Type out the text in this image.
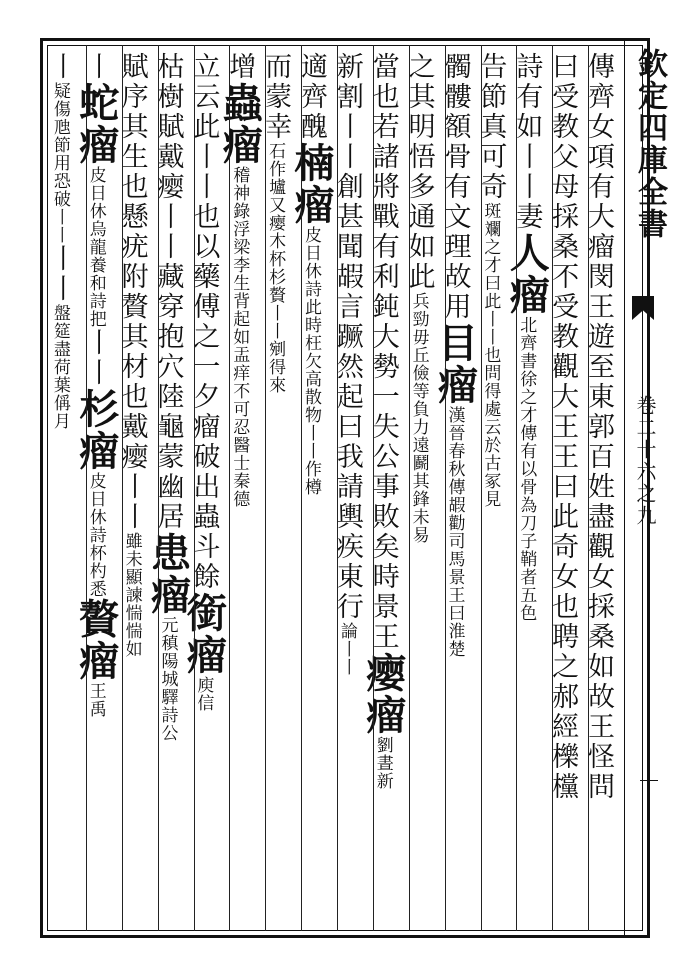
欽定四庫全書
卷二十六之九
傳齊女項有大瘤閔王遊至東郭百姓盡觀女採桑如故王怪問
曰受教父母採桑不受教觀大王王曰此奇女也聘之郝經櫟欓
詩有如丨丨妻人瘤北齊書徐之才傳有以骨為刀子鞘者五色
告節真可奇斑斕之才曰此丨丨也問得處云於古冢見
髑髏額骨有文理故用目瘤漢晉春秋傳嘏勸司馬景王曰淮楚
之其明悟多通如此兵勁毋丘儉等負力遠鬬其鋒未易
當也若諸將戰有利鈍大勢一失公事敗矣時景王瘿瘤劉晝新
新割丨丨創甚聞嘏言蹶然起曰我請輿疾東行論丨丨
適齊醜楠瘤皮日休詩此時枉欠高散物丨丨作樽
而蒙幸石作壚又瘿木杯杉贅丨丨剜得來
增蟲瘤稽神錄浮梁李生背起如盂痒不可忍醫士秦德
立云此丨丨也以藥傅之一夕瘤破出蟲斗餘銜瘤庾信
枯樹賦戴瘿丨丨藏穿抱穴陸龜蒙幽居患瘤元稹陽城驛詩公
賦序其生也懸疣附贅其材也戴瘿丨丨雖未顯諫惴惴如
丨蛇瘤皮日休烏龍養和詩把丨丨杉瘤皮日休詩杯杓悉贅瘤王禹
丨疑傷虺節用恐破丨丨丨丨盤筵盡荷葉偁月
